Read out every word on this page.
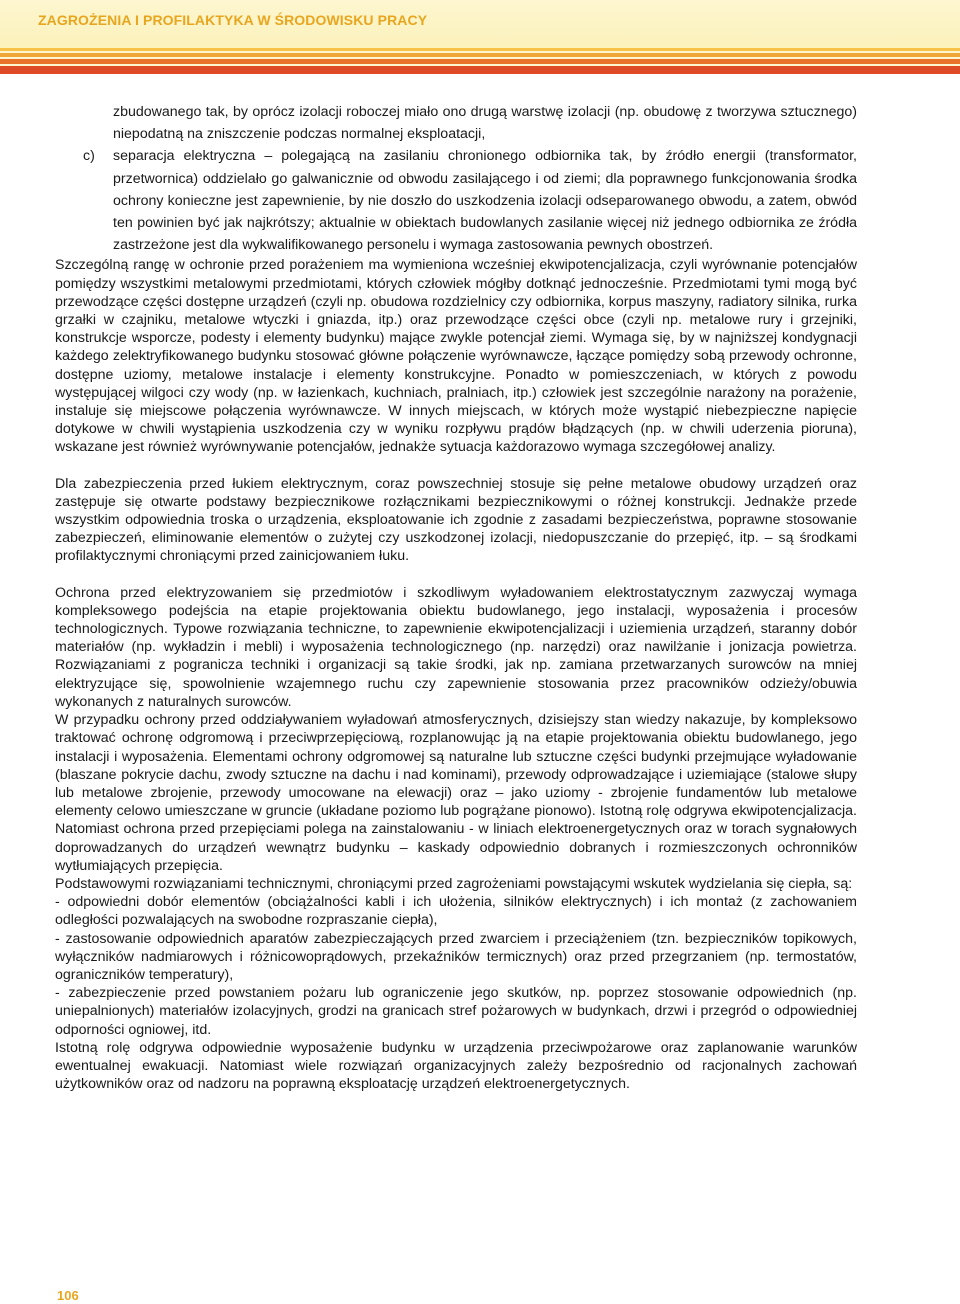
ZAGROŻENIA I PROFILAKTYKA W ŚRODOWISKU PRACY

zbudowanego tak, by oprócz izolacji roboczej miało ono drugą warstwę izolacji (np. obudowę z tworzywa sztucznego) niepodatną na zniszczenie podczas normalnej eksploatacji,

c) separacja elektryczna – polegającą na zasilaniu chronionego odbiornika tak, by źródło energii (transformator, przetwornica) oddzielało go galwanicznie od obwodu zasilającego i od ziemi; dla poprawnego funkcjonowania środka ochrony konieczne jest zapewnienie, by nie doszło do uszkodzenia izolacji odseparowanego obwodu, a zatem, obwód ten powinien być jak najkrótszy; aktualnie w obiektach budowlanych zasilanie więcej niż jednego odbiornika ze źródła zastrzeżone jest dla wykwalifikowanego personelu i wymaga zastosowania pewnych obostrzeń.

Szczególną rangę w ochronie przed porażeniem ma wymieniona wcześniej ekwipotencjalizacja, czyli wyrównanie potencjałów pomiędzy wszystkimi metalowymi przedmiotami, których człowiek mógłby dotknąć jednocześnie. Przedmiotami tymi mogą być przewodzące części dostępne urządzeń (czyli np. obudowa rozdzielnicy czy odbiornika, korpus maszyny, radiatory silnika, rurka grzałki w czajniku, metalowe wtyczki i gniazda, itp.) oraz przewodzące części obce (czyli np. metalowe rury i grzejniki, konstrukcje wsporcze, podesty i elementy budynku) mające zwykle potencjał ziemi. Wymaga się, by w najniższej kondygnacji każdego zelektryfikowanego budynku stosować główne połączenie wyrównawcze, łączące pomiędzy sobą przewody ochronne, dostępne uziomy, metalowe instalacje i elementy konstrukcyjne. Ponadto w pomieszczeniach, w których z powodu występującej wilgoci czy wody (np. w łazienkach, kuchniach, pralniach, itp.) człowiek jest szczególnie narażony na porażenie, instaluje się miejscowe połączenia wyrównawcze. W innych miejscach, w których może wystąpić niebezpieczne napięcie dotykowe w chwili wystąpienia uszkodzenia czy w wyniku rozpływu prądów błądzących (np. w chwili uderzenia pioruna), wskazane jest również wyrównywanie potencjałów, jednakże sytuacja każdorazowo wymaga szczegółowej analizy.

Dla zabezpieczenia przed łukiem elektrycznym, coraz powszechniej stosuje się pełne metalowe obudowy urządzeń oraz zastępuje się otwarte podstawy bezpiecznikowe rozłącznikami bezpiecznikowymi o różnej konstrukcji. Jednakże przede wszystkim odpowiednia troska o urządzenia, eksploatowanie ich zgodnie z zasadami bezpieczeństwa, poprawne stosowanie zabezpieczeń, eliminowanie elementów o zużytej czy uszkodzonej izolacji, niedopuszczanie do przepięć, itp. – są środkami profilaktycznymi chroniącymi przed zainicjowaniem łuku.

Ochrona przed elektryzowaniem się przedmiotów i szkodliwym wyładowaniem elektrostatycznym zazwyczaj wymaga kompleksowego podejścia na etapie projektowania obiektu budowlanego, jego instalacji, wyposażenia i procesów technologicznych. Typowe rozwiązania techniczne, to zapewnienie ekwipotencjalizacji i uziemienia urządzeń, staranny dobór materiałów (np. wykładzin i mebli) i wyposażenia technologicznego (np. narzędzi) oraz nawilżanie i jonizacja powietrza. Rozwiązaniami z pogranicza techniki i organizacji są takie środki, jak np. zamiana przetwarzanych surowców na mniej elektryzujące się, spowolnienie wzajemnego ruchu czy zapewnienie stosowania przez pracowników odzieży/obuwia wykonanych z naturalnych surowców.

W przypadku ochrony przed oddziaływaniem wyładowań atmosferycznych, dzisiejszy stan wiedzy nakazuje, by kompleksowo traktować ochronę odgromową i przeciwprzepięciową, rozplanowując ją na etapie projektowania obiektu budowlanego, jego instalacji i wyposażenia. Elementami ochrony odgromowej są naturalne lub sztuczne części budynki przejmujące wyładowanie (blaszane pokrycie dachu, zwody sztuczne na dachu i nad kominami), przewody odprowadzające i uziemiające (stalowe słupy lub metalowe zbrojenie, przewody umocowane na elewacji) oraz – jako uziomy - zbrojenie fundamentów lub metalowe elementy celowo umieszczane w gruncie (układane poziomo lub pogrążane pionowo). Istotną rolę odgrywa ekwipotencjalizacja. Natomiast ochrona przed przepięciami polega na zainstalowaniu - w liniach elektroenergetycznych oraz w torach sygnałowych doprowadzanych do urządzeń wewnątrz budynku – kaskady odpowiednio dobranych i rozmieszczonych ochronników wytłumiających przepięcia.

Podstawowymi rozwiązaniami technicznymi, chroniącymi przed zagrożeniami powstającymi wskutek wydzielania się ciepła, są:

- odpowiedni dobór elementów (obciążalności kabli i ich ułożenia, silników elektrycznych) i ich montaż (z zachowaniem odległości pozwalających na swobodne rozpraszanie ciepła),

- zastosowanie odpowiednich aparatów zabezpieczających przed zwarciem i przeciążeniem (tzn. bezpieczników topikowych, wyłączników nadmiarowych i różnicowoprądowych, przekaźników termicznych) oraz przed przegrzaniem (np. termostatów, ograniczników temperatury),

- zabezpieczenie przed powstaniem pożaru lub ograniczenie jego skutków, np. poprzez stosowanie odpowiednich (np. uniepalnionych) materiałów izolacyjnych, grodzi na granicach stref pożarowych w budynkach, drzwi i przegród o odpowiedniej odporności ogniowej, itd.

Istotną rolę odgrywa odpowiednie wyposażenie budynku w urządzenia przeciwpożarowe oraz zaplanowanie warunków ewentualnej ewakuacji. Natomiast wiele rozwiązań organizacyjnych zależy bezpośrednio od racjonalnych zachowań użytkowników oraz od nadzoru na poprawną eksploatację urządzeń elektroenergetycznych.

106
